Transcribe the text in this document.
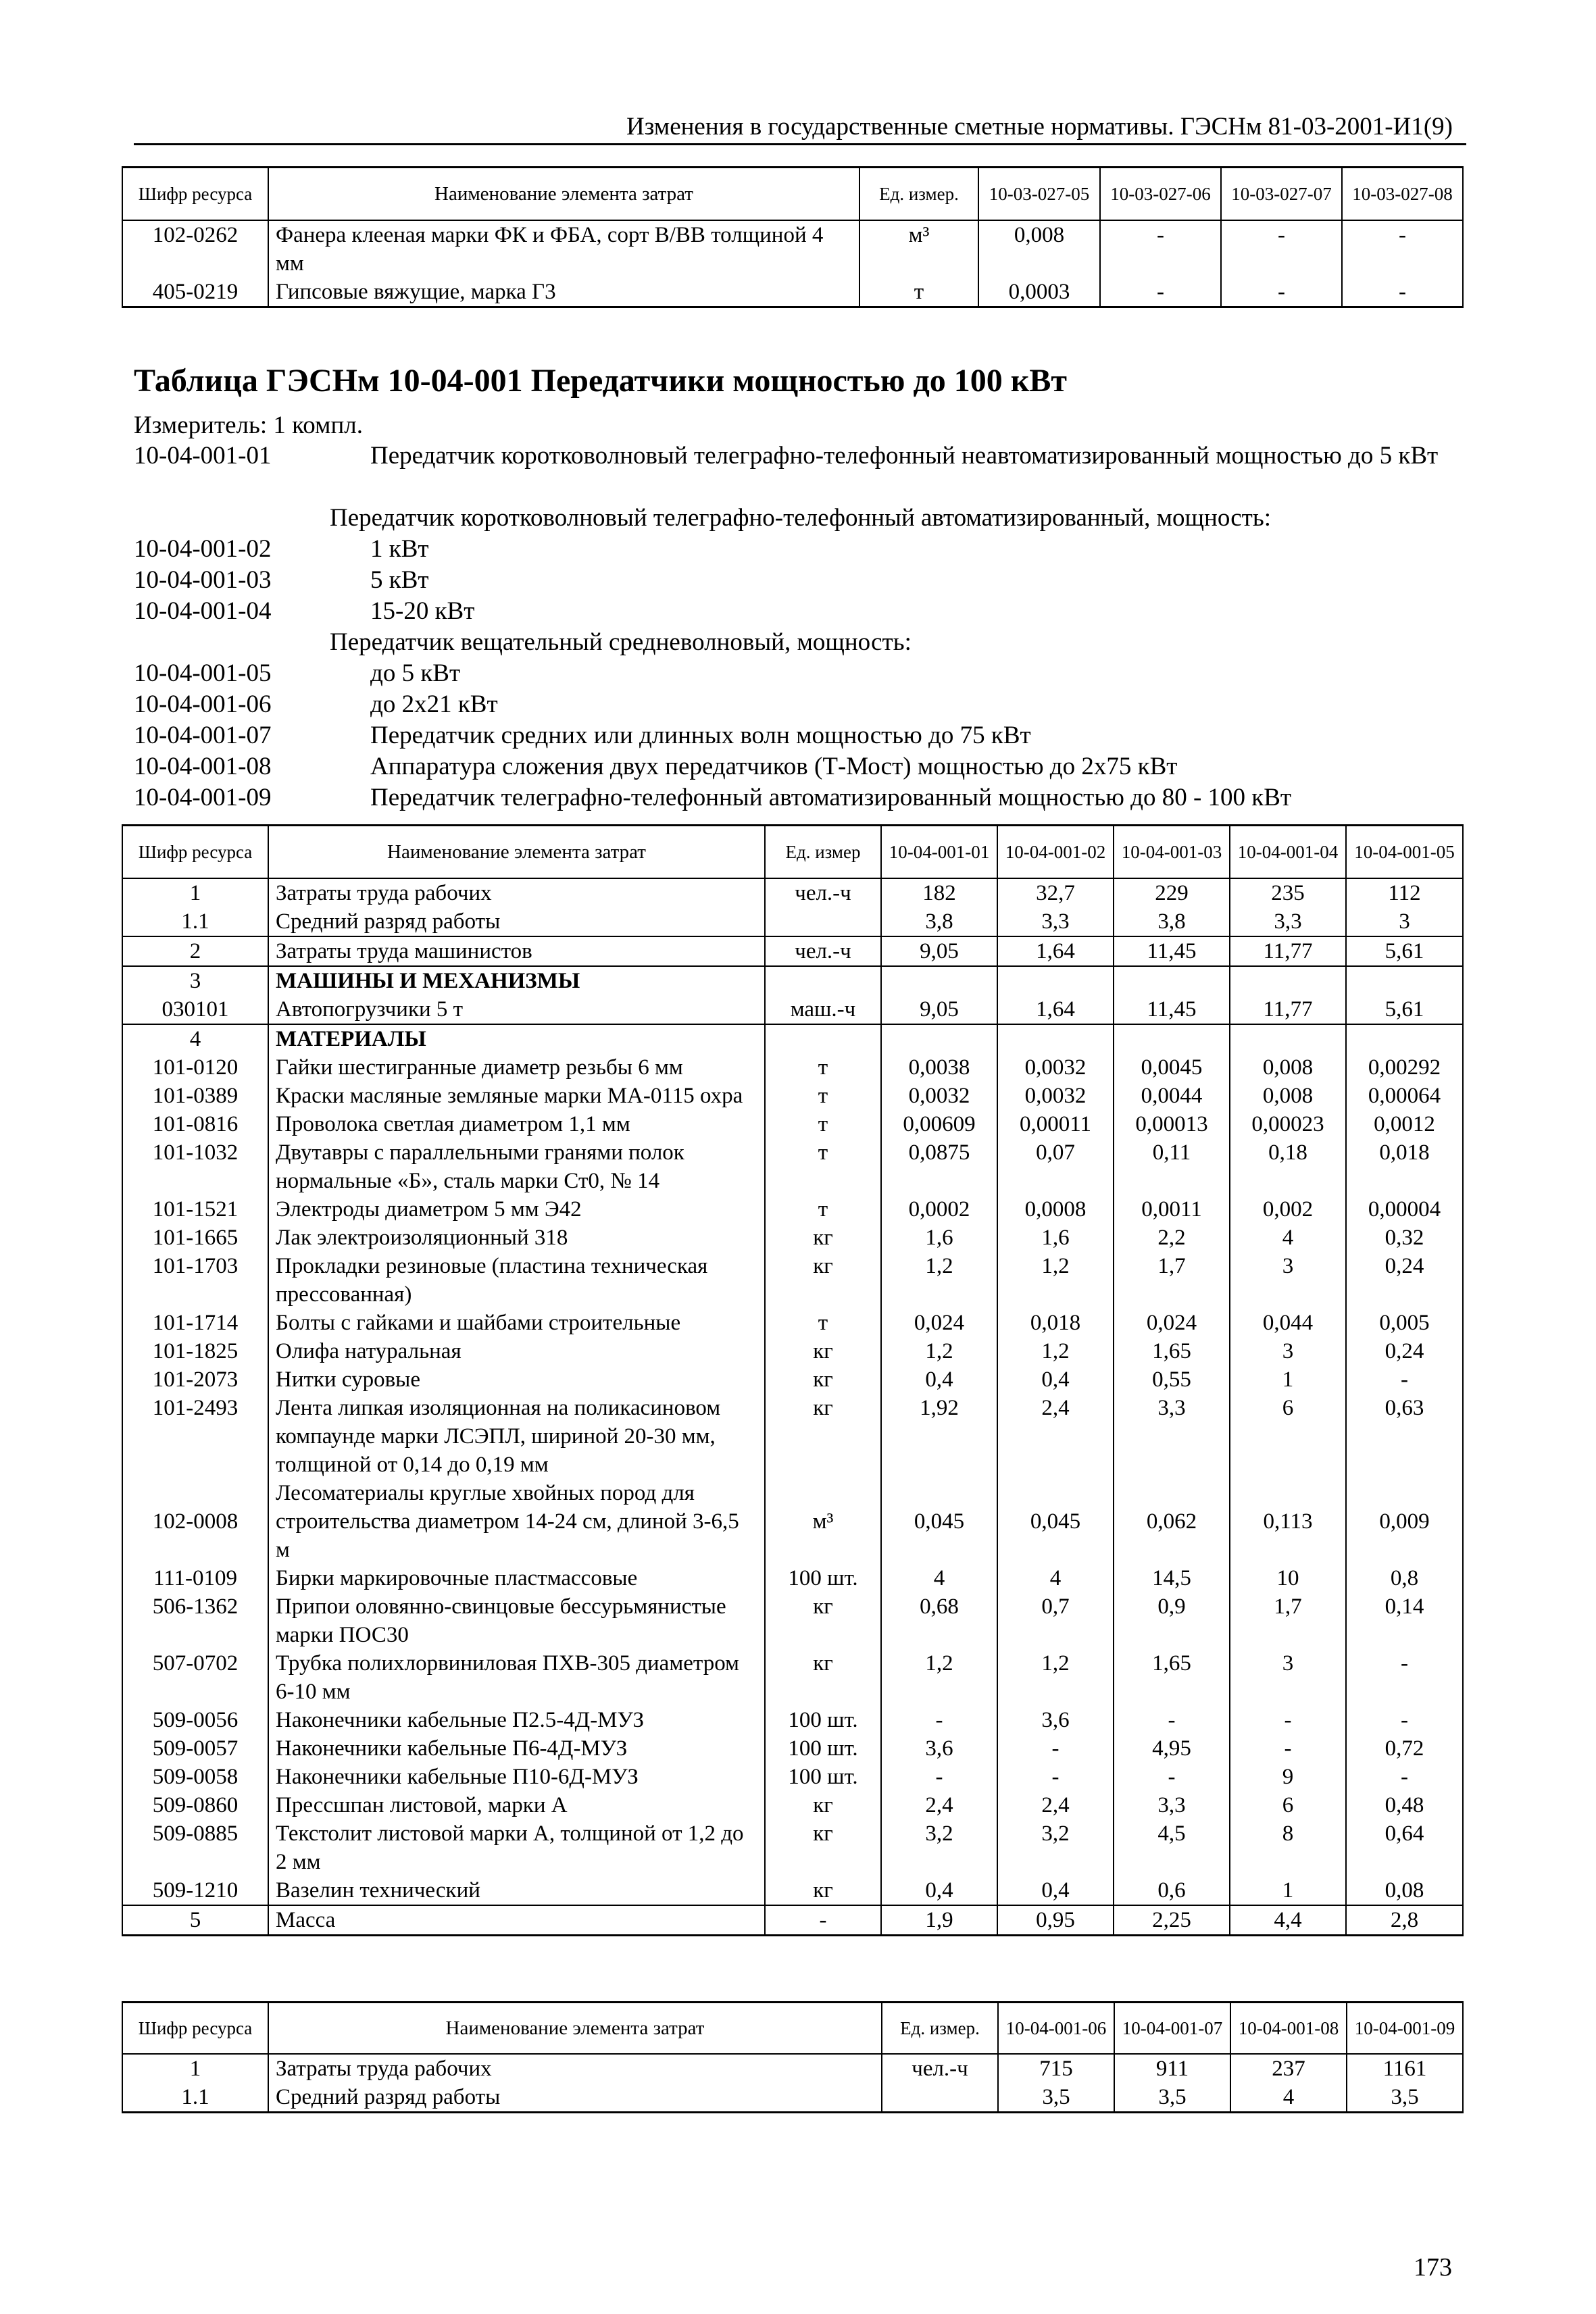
Изменения в государственные сметные нормативы. ГЭСНм 81-03-2001-И1(9)
Шифр ресурса	Наименование элемента затрат	Ед. измер.	10-03-027-05	10-03-027-06	10-03-027-07	10-03-027-08
102-0262	Фанера клееная марки ФК и ФБА, сорт В/ВВ толщиной 4 мм	м³	0,008	-	-	-
405-0219	Гипсовые вяжущие, марка Г3	т	0,0003	-	-	-
Таблица ГЭСНм 10-04-001 Передатчики мощностью до 100 кВт
Измеритель: 1 компл.
10-04-001-01	Передатчик коротковолновый телеграфно-телефонный неавтоматизированный мощностью до 5 кВт
Передатчик коротковолновый телеграфно-телефонный автоматизированный, мощность:
10-04-001-02	1 кВт
10-04-001-03	5 кВт
10-04-001-04	15-20 кВт
Передатчик вещательный средневолновый, мощность:
10-04-001-05	до 5 кВт
10-04-001-06	до 2х21 кВт
10-04-001-07	Передатчик средних или длинных волн мощностью до 75 кВт
10-04-001-08	Аппаратура сложения двух передатчиков (Т-Мост) мощностью до 2х75 кВт
10-04-001-09	Передатчик телеграфно-телефонный автоматизированный мощностью до 80 - 100 кВт
Шифр ресурса	Наименование элемента затрат	Ед. измер	10-04-001-01	10-04-001-02	10-04-001-03	10-04-001-04	10-04-001-05
1	Затраты труда рабочих	чел.-ч	182	32,7	229	235	112
1.1	Средний разряд работы		3,8	3,3	3,8	3,3	3
2	Затраты труда машинистов	чел.-ч	9,05	1,64	11,45	11,77	5,61
3	МАШИНЫ И МЕХАНИЗМЫ						
030101	Автопогрузчики 5 т	маш.-ч	9,05	1,64	11,45	11,77	5,61
4	МАТЕРИАЛЫ						
101-0120	Гайки шестигранные диаметр резьбы 6 мм	т	0,0038	0,0032	0,0045	0,008	0,00292
101-0389	Краски масляные земляные марки МА-0115 охра	т	0,0032	0,0032	0,0044	0,008	0,00064
101-0816	Проволока светлая диаметром 1,1 мм	т	0,00609	0,00011	0,00013	0,00023	0,0012
101-1032	Двутавры с параллельными гранями полок нормальные «Б», сталь марки Ст0, № 14	т	0,0875	0,07	0,11	0,18	0,018
101-1521	Электроды диаметром 5 мм Э42	т	0,0002	0,0008	0,0011	0,002	0,00004
101-1665	Лак электроизоляционный 318	кг	1,6	1,6	2,2	4	0,32
101-1703	Прокладки резиновые (пластина техническая прессованная)	кг	1,2	1,2	1,7	3	0,24
101-1714	Болты с гайками и шайбами строительные	т	0,024	0,018	0,024	0,044	0,005
101-1825	Олифа натуральная	кг	1,2	1,2	1,65	3	0,24
101-2073	Нитки суровые	кг	0,4	0,4	0,55	1	-
101-2493	Лента липкая изоляционная на поликасиновом компаунде марки ЛСЭПЛ, шириной 20-30 мм, толщиной от 0,14 до 0,19 мм	кг	1,92	2,4	3,3	6	0,63
102-0008	Лесоматериалы круглые хвойных пород для строительства диаметром 14-24 см, длиной 3-6,5 м	м³	0,045	0,045	0,062	0,113	0,009
111-0109	Бирки маркировочные пластмассовые	100 шт.	4	4	14,5	10	0,8
506-1362	Припои оловянно-свинцовые бессурьмянистые марки ПОС30	кг	0,68	0,7	0,9	1,7	0,14
507-0702	Трубка полихлорвиниловая ПХВ-305 диаметром 6-10 мм	кг	1,2	1,2	1,65	3	-
509-0056	Наконечники кабельные П2.5-4Д-МУЗ	100 шт.	-	3,6	-	-	-
509-0057	Наконечники кабельные П6-4Д-МУЗ	100 шт.	3,6	-	4,95	-	0,72
509-0058	Наконечники кабельные П10-6Д-МУЗ	100 шт.	-	-	-	9	-
509-0860	Прессшпан листовой, марки А	кг	2,4	2,4	3,3	6	0,48
509-0885	Текстолит листовой марки А, толщиной от 1,2 до 2 мм	кг	3,2	3,2	4,5	8	0,64
509-1210	Вазелин технический	кг	0,4	0,4	0,6	1	0,08
5	Масса	-	1,9	0,95	2,25	4,4	2,8
Шифр ресурса	Наименование элемента затрат	Ед. измер.	10-04-001-06	10-04-001-07	10-04-001-08	10-04-001-09
1	Затраты труда рабочих	чел.-ч	715	911	237	1161
1.1	Средний разряд работы		3,5	3,5	4	3,5
173
